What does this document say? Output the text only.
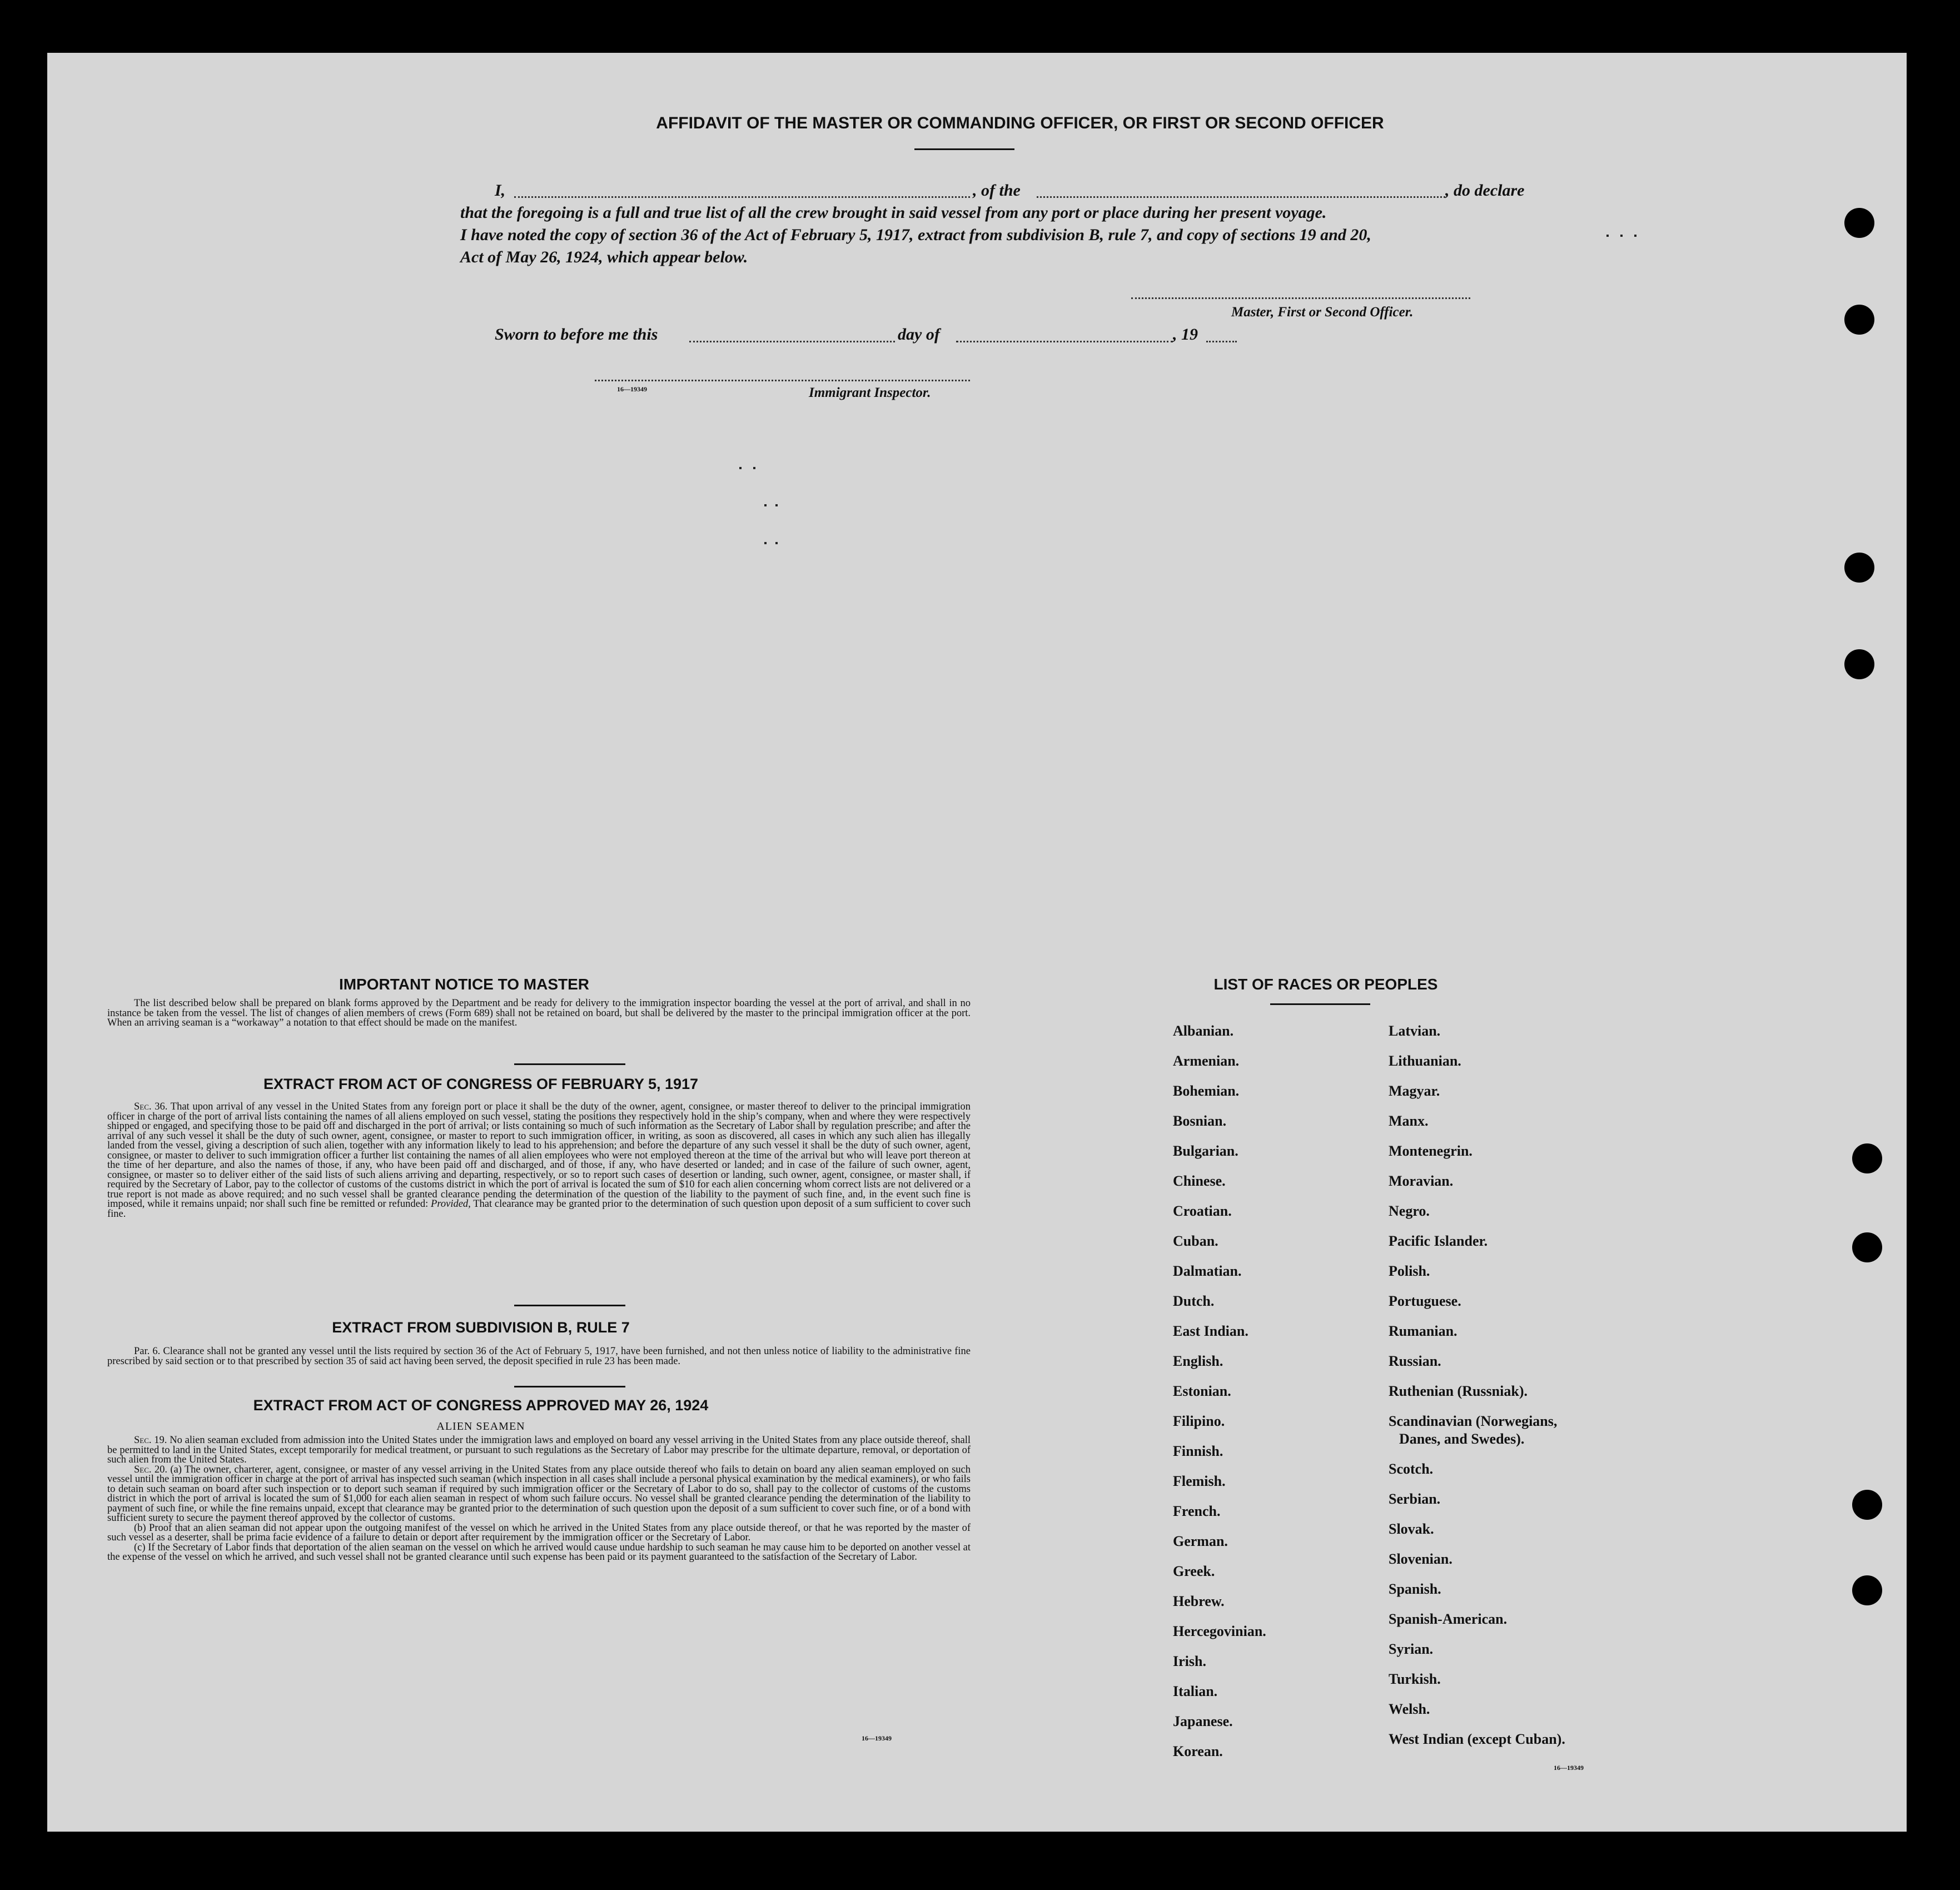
AFFIDAVIT OF THE MASTER OR COMMANDING OFFICER, OR FIRST OR SECOND OFFICER
I,	, of the	, do declare
that the foregoing is a full and true list of all the crew brought in said vessel from any port or place during her present voyage.
I have noted the copy of section 36 of the Act of February 5, 1917, extract from subdivision B, rule 7, and copy of sections 19 and 20,
Act of May 26, 1924, which appear below.
Master, First or Second Officer.
Sworn to before me this	day of	, 19
16—19349	Immigrant Inspector.
IMPORTANT NOTICE TO MASTER
The list described below shall be prepared on blank forms approved by the Department and be ready for delivery to the immigration inspector boarding the vessel at the port of arrival, and shall in no instance be taken from the vessel. The list of changes of alien members of crews (Form 689) shall not be retained on board, but shall be delivered by the master to the principal immigration officer at the port. When an arriving seaman is a “workaway” a notation to that effect should be made on the manifest.
EXTRACT FROM ACT OF CONGRESS OF FEBRUARY 5, 1917
Sec. 36. That upon arrival of any vessel in the United States from any foreign port or place it shall be the duty of the owner, agent, consignee, or master thereof to deliver to the principal immigration officer in charge of the port of arrival lists containing the names of all aliens employed on such vessel, stating the positions they respectively hold in the ship’s company, when and where they were respectively shipped or engaged, and specifying those to be paid off and discharged in the port of arrival; or lists containing so much of such information as the Secretary of Labor shall by regulation prescribe; and after the arrival of any such vessel it shall be the duty of such owner, agent, consignee, or master to report to such immigration officer, in writing, as soon as discovered, all cases in which any such alien has illegally landed from the vessel, giving a description of such alien, together with any information likely to lead to his apprehension; and before the departure of any such vessel it shall be the duty of such owner, agent, consignee, or master to deliver to such immigration officer a further list containing the names of all alien employees who were not employed thereon at the time of the arrival but who will leave port thereon at the time of her departure, and also the names of those, if any, who have been paid off and discharged, and of those, if any, who have deserted or landed; and in case of the failure of such owner, agent, consignee, or master so to deliver either of the said lists of such aliens arriving and departing, respectively, or so to report such cases of desertion or landing, such owner, agent, consignee, or master shall, if required by the Secretary of Labor, pay to the collector of customs of the customs district in which the port of arrival is located the sum of $10 for each alien concerning whom correct lists are not delivered or a true report is not made as above required; and no such vessel shall be granted clearance pending the determination of the question of the liability to the payment of such fine, and, in the event such fine is imposed, while it remains unpaid; nor shall such fine be remitted or refunded: Provided, That clearance may be granted prior to the determination of such question upon deposit of a sum sufficient to cover such fine.
EXTRACT FROM SUBDIVISION B, RULE 7
Par. 6. Clearance shall not be granted any vessel until the lists required by section 36 of the Act of February 5, 1917, have been furnished, and not then unless notice of liability to the administrative fine prescribed by said section or to that prescribed by section 35 of said act having been served, the deposit specified in rule 23 has been made.
EXTRACT FROM ACT OF CONGRESS APPROVED MAY 26, 1924
ALIEN SEAMEN
Sec. 19. No alien seaman excluded from admission into the United States under the immigration laws and employed on board any vessel arriving in the United States from any place outside thereof, shall be permitted to land in the United States, except temporarily for medical treatment, or pursuant to such regulations as the Secretary of Labor may prescribe for the ultimate departure, removal, or deportation of such alien from the United States.
Sec. 20. (a) The owner, charterer, agent, consignee, or master of any vessel arriving in the United States from any place outside thereof who fails to detain on board any alien seaman employed on such vessel until the immigration officer in charge at the port of arrival has inspected such seaman (which inspection in all cases shall include a personal physical examination by the medical examiners), or who fails to detain such seaman on board after such inspection or to deport such seaman if required by such immigration officer or the Secretary of Labor to do so, shall pay to the collector of customs of the customs district in which the port of arrival is located the sum of $1,000 for each alien seaman in respect of whom such failure occurs. No vessel shall be granted clearance pending the determination of the liability to payment of such fine, or while the fine remains unpaid, except that clearance may be granted prior to the determination of such question upon the deposit of a sum sufficient to cover such fine, or of a bond with sufficient surety to secure the payment thereof approved by the collector of customs.
(b) Proof that an alien seaman did not appear upon the outgoing manifest of the vessel on which he arrived in the United States from any place outside thereof, or that he was reported by the master of such vessel as a deserter, shall be prima facie evidence of a failure to detain or deport after requirement by the immigration officer or the Secretary of Labor.
(c) If the Secretary of Labor finds that deportation of the alien seaman on the vessel on which he arrived would cause undue hardship to such seaman he may cause him to be deported on another vessel at the expense of the vessel on which he arrived, and such vessel shall not be granted clearance until such expense has been paid or its payment guaranteed to the satisfaction of the Secretary of Labor.
16—19349
LIST OF RACES OR PEOPLES
Albanian.
Armenian.
Bohemian.
Bosnian.
Bulgarian.
Chinese.
Croatian.
Cuban.
Dalmatian.
Dutch.
East Indian.
English.
Estonian.
Filipino.
Finnish.
Flemish.
French.
German.
Greek.
Hebrew.
Hercegovinian.
Irish.
Italian.
Japanese.
Korean.
Latvian.
Lithuanian.
Magyar.
Manx.
Montenegrin.
Moravian.
Negro.
Pacific Islander.
Polish.
Portuguese.
Rumanian.
Russian.
Ruthenian (Russniak).
Scandinavian (Norwegians,
Danes, and Swedes).
Scotch.
Serbian.
Slovak.
Slovenian.
Spanish.
Spanish-American.
Syrian.
Turkish.
Welsh.
West Indian (except Cuban).
16—19349
